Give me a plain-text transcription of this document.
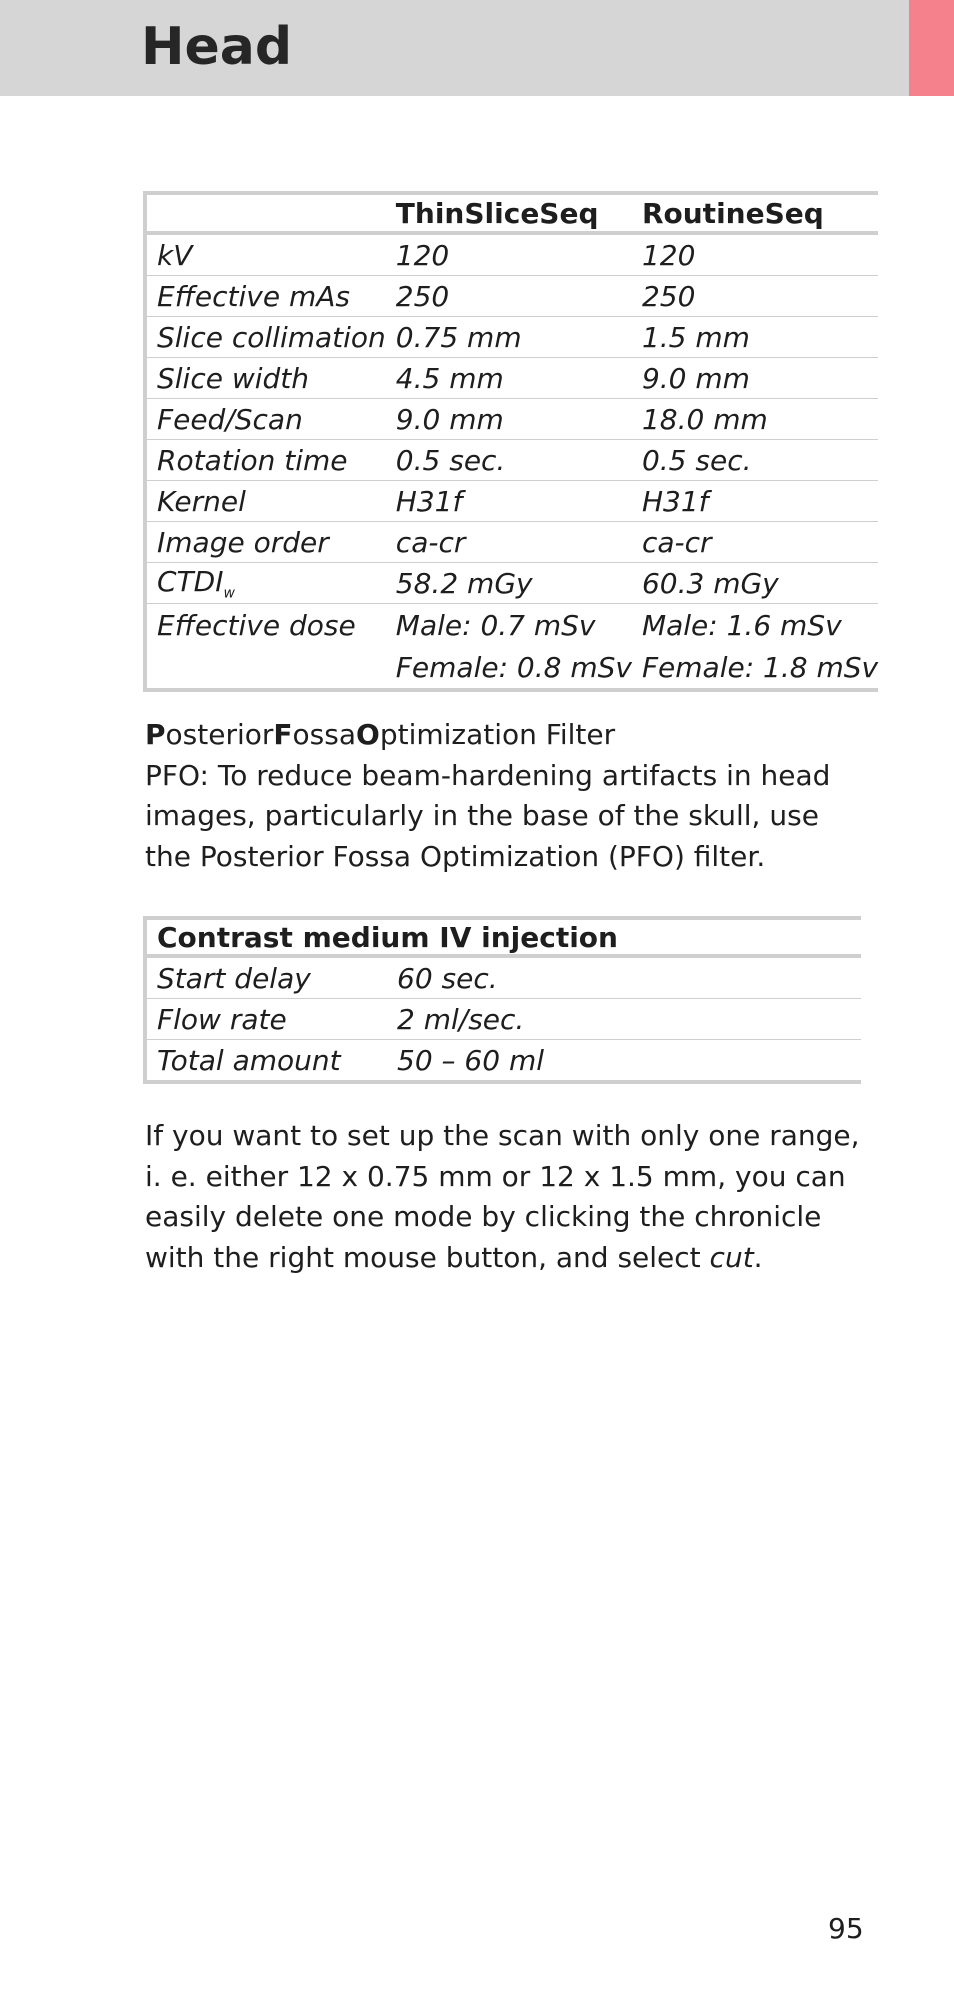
Head
	ThinSliceSeq	RoutineSeq
kV	120	120
Effective mAs	250	250
Slice collimation	0.75 mm	1.5 mm
Slice width	4.5 mm	9.0 mm
Feed/Scan	9.0 mm	18.0 mm
Rotation time	0.5 sec.	0.5 sec.
Kernel	H31f	H31f
Image order	ca-cr	ca-cr
$CTDI_w$	58.2 mGy	60.3 mGy
Effective dose	Male: 0.7 mSv	Male: 1.6 mSv
	Female: 0.8 mSv	Female: 1.8 mSv
PosteriorFossaOptimization Filter
PFO: To reduce beam-hardening artifacts in head images, particularly in the base of the skull, use the Posterior Fossa Optimization (PFO) filter.
Contrast medium IV injection	
Start delay	60 sec.
Flow rate	2 ml/sec.
Total amount	50 – 60 ml
If you want to set up the scan with only one range, i. e. either 12 x 0.75 mm or 12 x 1.5 mm, you can easily delete one mode by clicking the chronicle with the right mouse button, and select cut.
95
